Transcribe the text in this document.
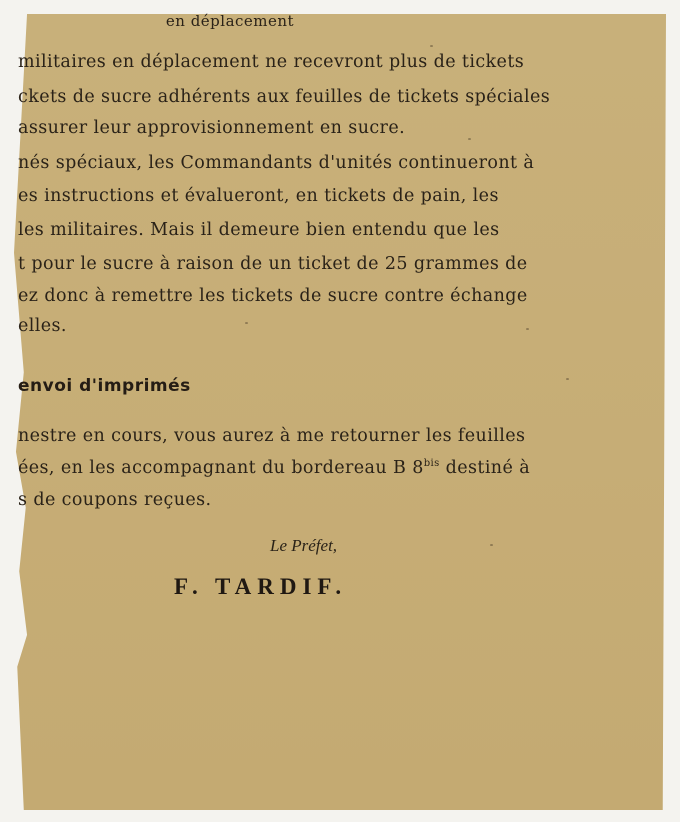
militaires en déplacement ne recevront plus de tickets
ckets de sucre adhérents aux feuilles de tickets spéciales
assurer leur approvisionnement en sucre.
nés spéciaux, les Commandants d'unités continueront à
es instructions et évalueront, en tickets de pain, les
les militaires. Mais il demeure bien entendu que les
t pour le sucre à raison de un ticket de 25 grammes de
ez donc à remettre les tickets de sucre contre échange
elles.
envoi d'imprimés
nestre en cours, vous aurez à me retourner les feuilles
ées, en les accompagnant du bordereau B $8^{bis}$ destiné à
s de coupons reçues.
Le Préfet,
F. TARDIF.
